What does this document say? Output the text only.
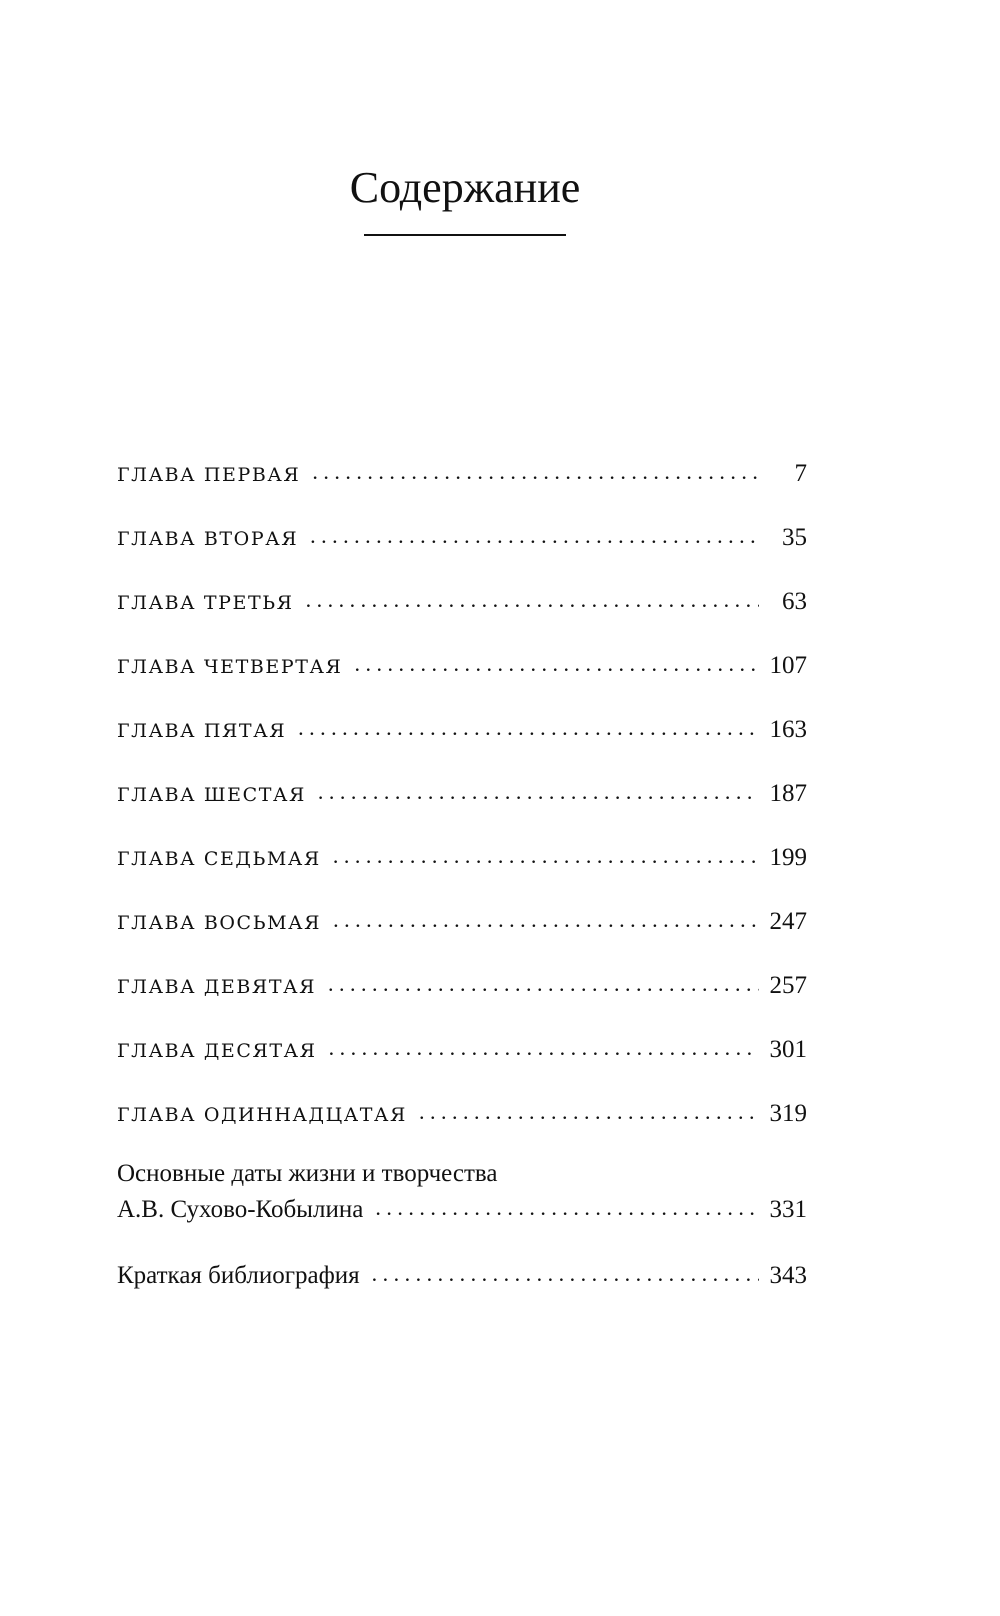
Содержание
ГЛАВА ПЕРВАЯ . . .	7
ГЛАВА ВТОРАЯ . . .	35
ГЛАВА ТРЕТЬЯ . . .	63
ГЛАВА ЧЕТВЕРТАЯ . . .	107
ГЛАВА ПЯТАЯ . . .	163
ГЛАВА ШЕСТАЯ . . .	187
ГЛАВА СЕДЬМАЯ . . .	199
ГЛАВА ВОСЬМАЯ . . .	247
ГЛАВА ДЕВЯТАЯ . . .	257
ГЛАВА ДЕСЯТАЯ . . .	301
ГЛАВА ОДИННАДЦАТАЯ . . .	319
Основные даты жизни и творчества
А.В. Сухово-Кобылина . . .	331
Краткая библиография . . .	343
